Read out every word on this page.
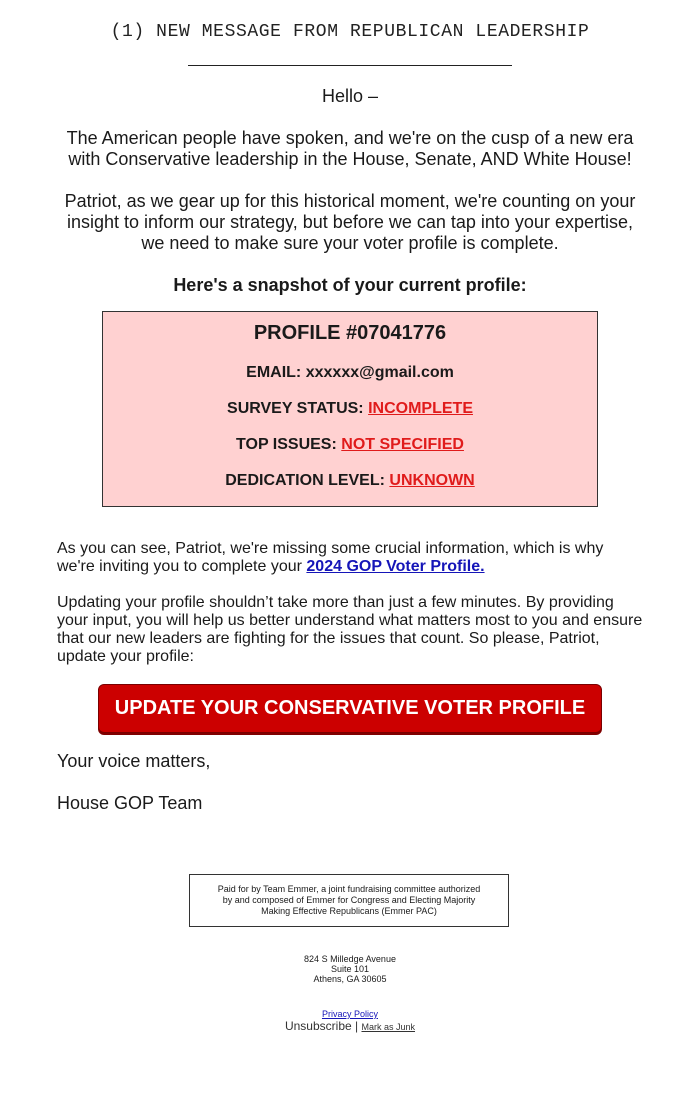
(1) NEW MESSAGE FROM REPUBLICAN LEADERSHIP
Hello –
The American people have spoken, and we're on the cusp of a new era
with Conservative leadership in the House, Senate, AND White House!
Patriot, as we gear up for this historical moment, we're counting on your
insight to inform our strategy, but before we can tap into your expertise,
we need to make sure your voter profile is complete.
Here's a snapshot of your current profile:
PROFILE #07041776
EMAIL: xxxxxx@gmail.com
SURVEY STATUS: INCOMPLETE
TOP ISSUES: NOT SPECIFIED
DEDICATION LEVEL: UNKNOWN
As you can see, Patriot, we're missing some crucial information, which is why
we're inviting you to complete your 2024 GOP Voter Profile.
Updating your profile shouldn’t take more than just a few minutes. By providing
your input, you will help us better understand what matters most to you and ensure
that our new leaders are fighting for the issues that count. So please, Patriot,
update your profile:
UPDATE YOUR CONSERVATIVE VOTER PROFILE
Your voice matters,
House GOP Team
Paid for by Team Emmer, a joint fundraising committee authorized
by and composed of Emmer for Congress and Electing Majority
Making Effective Republicans (Emmer PAC)
824 S Milledge Avenue
Suite 101
Athens, GA 30605
Privacy Policy
Unsubscribe | Mark as Junk
